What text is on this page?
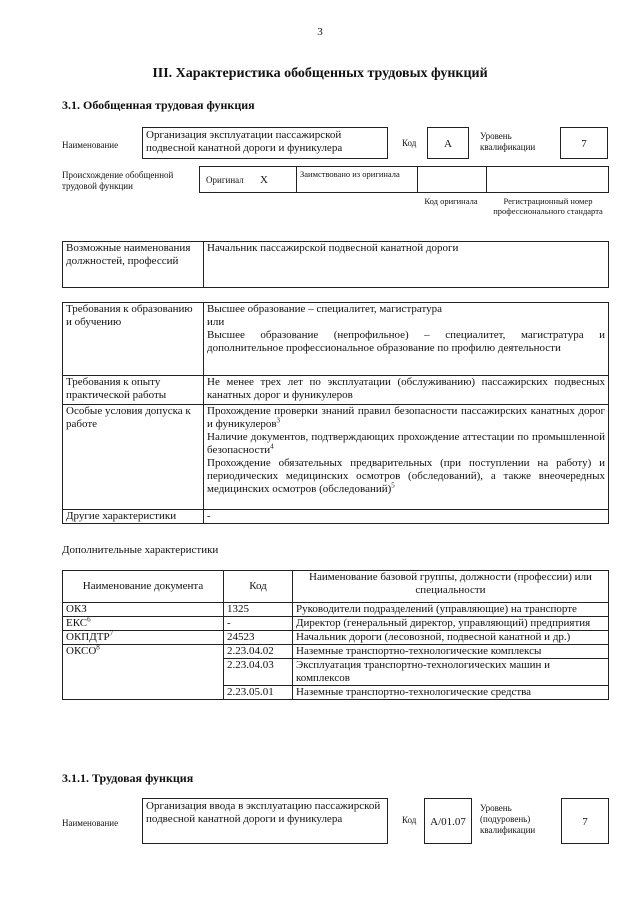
3
III. Характеристика обобщенных трудовых функций
3.1. Обобщенная трудовая функция
Наименование
Организация эксплуатации пассажирской подвесной канатной дороги и фуникулера	Код	А
Уровень квалификации	7
Происхождение обобщенной трудовой функции
Оригинал Х	Заимствовано из оригинала
Код оригинала	Регистрационный номер профессионального стандарта
Возможные наименования должностей, профессий	Начальник пассажирской подвесной канатной дороги
Требования к образованию и обучению	Высшее образование – специалитет, магистратура
или
Высшее образование (непрофильное) – специалитет, магистратура и дополнительное профессиональное образование по профилю деятельности

Требования к опыту практической работы	Не менее трех лет по эксплуатации (обслуживанию) пассажирских подвесных канатных дорог и фуникулеров
Особые условия допуска к работе	Прохождение проверки знаний правил безопасности пассажирских канатных дорог и фуникулеров$^3$
Наличие документов, подтверждающих прохождение аттестации по промышленной безопасности$^4$
Прохождение обязательных предварительных (при поступлении на работу) и периодических медицинских осмотров (обследований), а также внеочередных медицинских осмотров (обследований)$^5$

Другие характеристики	-
Дополнительные характеристики
Наименование документа	Код	Наименование базовой группы, должности (профессии) или специальности
ОКЗ	1325	Руководители подразделений (управляющие) на транспорте
ЕКС$^6$	-	Директор (генеральный директор, управляющий) предприятия
ОКПДТР$^7$	24523	Начальник дороги (лесовозной, подвесной канатной и др.)
ОКСО$^8$	2.23.04.02	Наземные транспортно-технологические комплексы
	2.23.04.03	Эксплуатация транспортно-технологических машин и комплексов
	2.23.05.01	Наземные транспортно-технологические средства
3.1.1. Трудовая функция
Наименование
Организация ввода в эксплуатацию пассажирской подвесной канатной дороги и фуникулера	Код	А/01.07
Уровень (подуровень) квалификации
7
